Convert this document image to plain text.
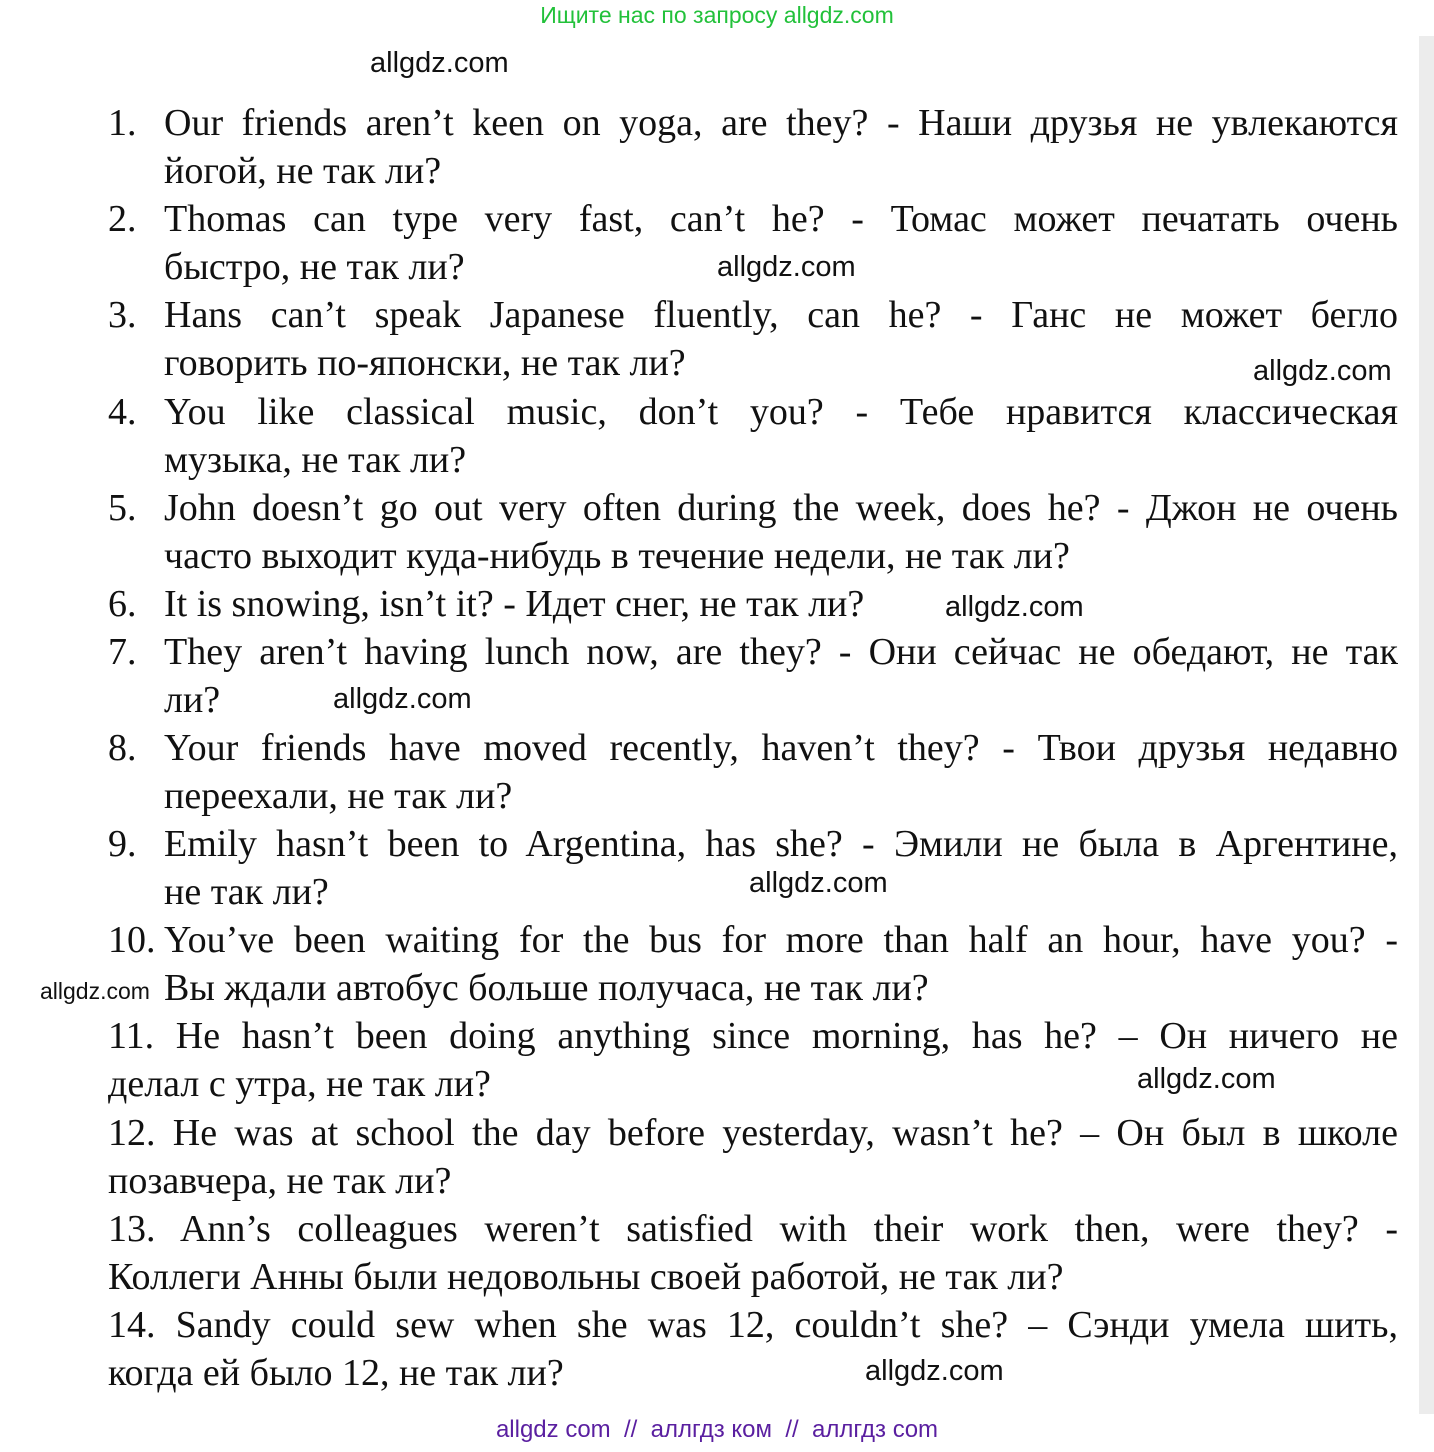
Ищите нас по запросу allgdz.com
allgdz.com
allgdz.com
allgdz.com
allgdz.com
allgdz.com
allgdz.com
allgdz.com
allgdz.com
allgdz.com
1. Our friends aren’t keen on yoga, are they? - Наши друзья не увлекаются
йогой, не так ли?
2. Thomas can type very fast, can’t he? - Томас может печатать очень
быстро, не так ли?
3. Hans can’t speak Japanese fluently, can he? - Ганс не может бегло
говорить по-японски, не так ли?
4. You like classical music, don’t you? - Тебе нравится классическая
музыка, не так ли?
5. John doesn’t go out very often during the week, does he? - Джон не очень
часто выходит куда-нибудь в течение недели, не так ли?
6. It is snowing, isn’t it? - Идет снег, не так ли?
7. They aren’t having lunch now, are they? - Они сейчас не обедают, не так
ли?
8. Your friends have moved recently, haven’t they? - Твои друзья недавно
переехали, не так ли?
9. Emily hasn’t been to Argentina, has she? - Эмили не была в Аргентине,
не так ли?
10. You’ve been waiting for the bus for more than half an hour, have you? -
Вы ждали автобус больше получаса, не так ли?
11. He hasn’t been doing anything since morning, has he? – Он ничего не
делал с утра, не так ли?
12. He was at school the day before yesterday, wasn’t he? – Он был в школе
позавчера, не так ли?
13. Ann’s colleagues weren’t satisfied with their work then, were they? -
Коллеги Анны были недовольны своей работой, не так ли?
14. Sandy could sew when she was 12, couldn’t she? – Сэнди умела шить,
когда ей было 12, не так ли?
allgdz com  //  аллгдз ком  //  аллгдз com
